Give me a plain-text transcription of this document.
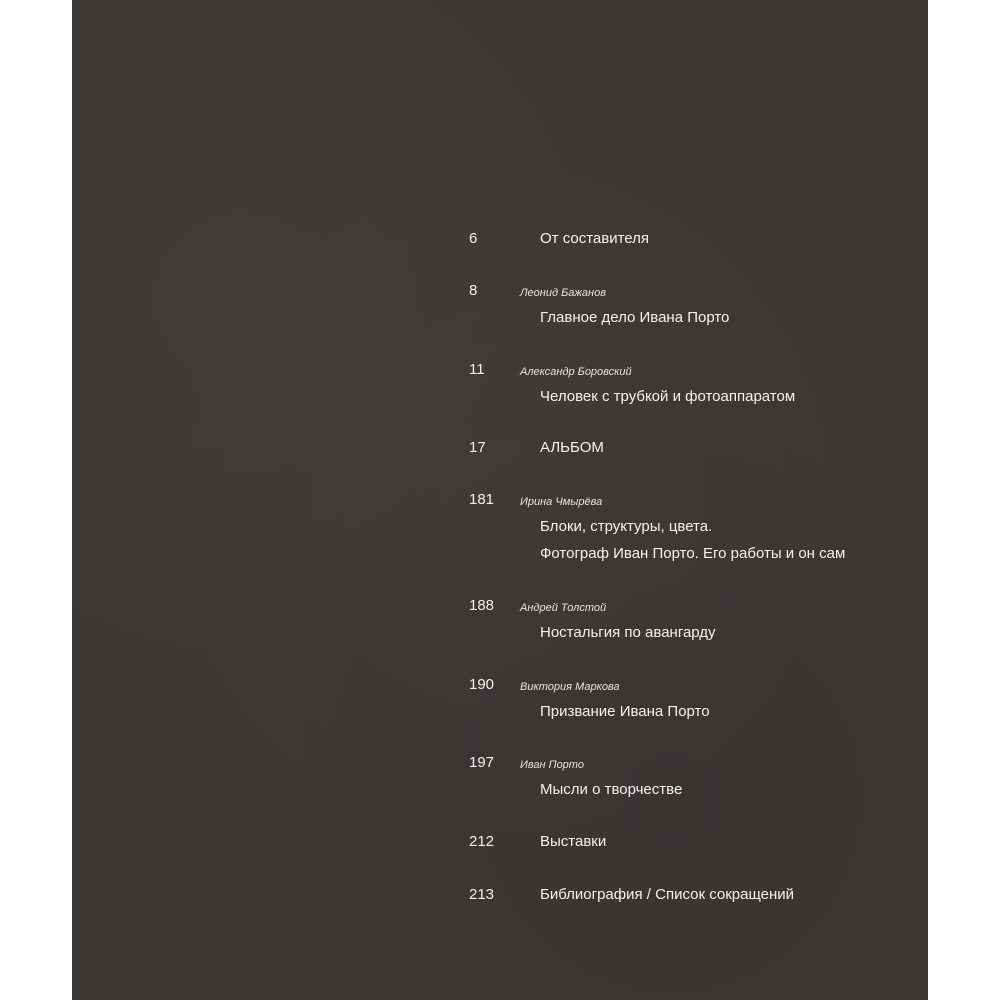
6	От составителя
8	Леонид Бажанов
Главное дело Ивана Порто
11	Александр Боровский
Человек с трубкой и фотоаппаратом
17	АЛЬБОМ
181 Ирина Чмырёва
Блоки, структуры, цвета.
Фотограф Иван Порто. Его работы и он сам
188 Андрей Толстой
Ностальгия по авангарду
190 Виктория Маркова
Призвание Ивана Порто
197 Иван Порто
Мысли о творчестве
212	Выставки
213	Библиография / Список сокращений
